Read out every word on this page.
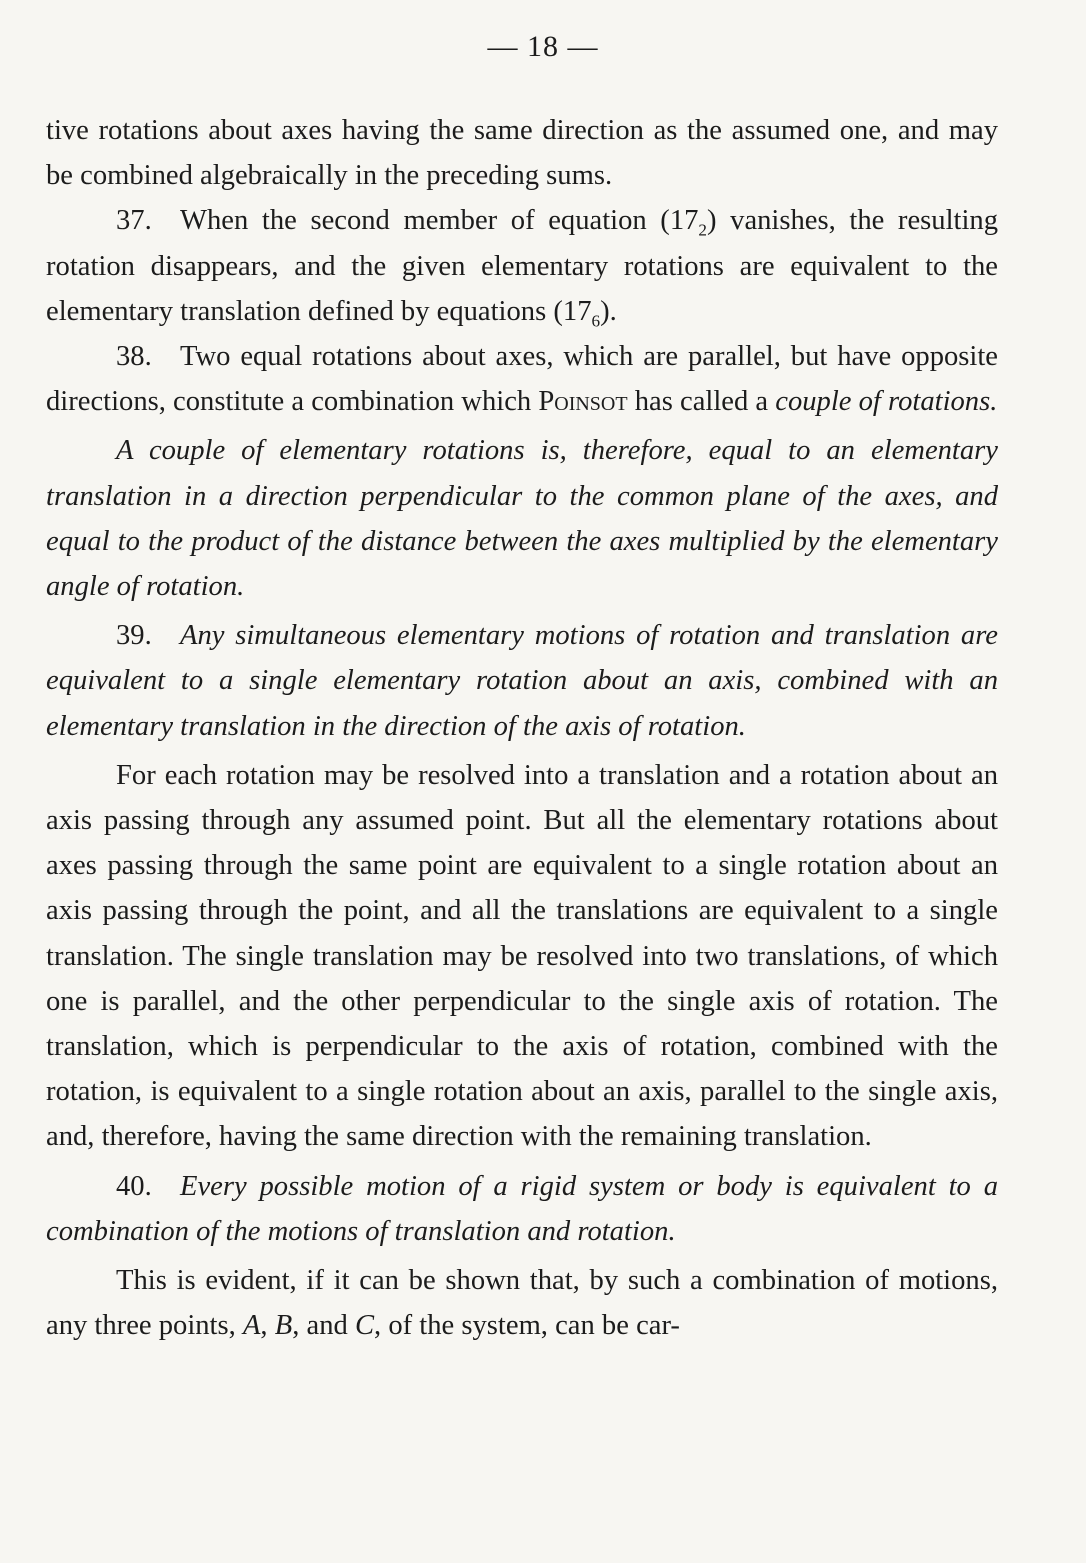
— 18 —

tive rotations about axes having the same direction as the assumed one, and may be combined algebraically in the preceding sums.

37. When the second member of equation $(17_2)$ vanishes, the resulting rotation disappears, and the given elementary rotations are equivalent to the elementary translation defined by equations $(17_6)$.

38. Two equal rotations about axes, which are parallel, but have opposite directions, constitute a combination which Poinsot has called a couple of rotations.

A couple of elementary rotations is, therefore, equal to an elementary translation in a direction perpendicular to the common plane of the axes, and equal to the product of the distance between the axes multiplied by the elementary angle of rotation.

39. Any simultaneous elementary motions of rotation and translation are equivalent to a single elementary rotation about an axis, combined with an elementary translation in the direction of the axis of rotation.

For each rotation may be resolved into a translation and a rotation about an axis passing through any assumed point. But all the elementary rotations about axes passing through the same point are equivalent to a single rotation about an axis passing through the point, and all the translations are equivalent to a single translation. The single translation may be resolved into two translations, of which one is parallel, and the other perpendicular to the single axis of rotation. The translation, which is perpendicular to the axis of rotation, combined with the rotation, is equivalent to a single rotation about an axis, parallel to the single axis, and, therefore, having the same direction with the remaining translation.

40. Every possible motion of a rigid system or body is equivalent to a combination of the motions of translation and rotation.

This is evident, if it can be shown that, by such a combination of motions, any three points, A, B, and C, of the system, can be car-
